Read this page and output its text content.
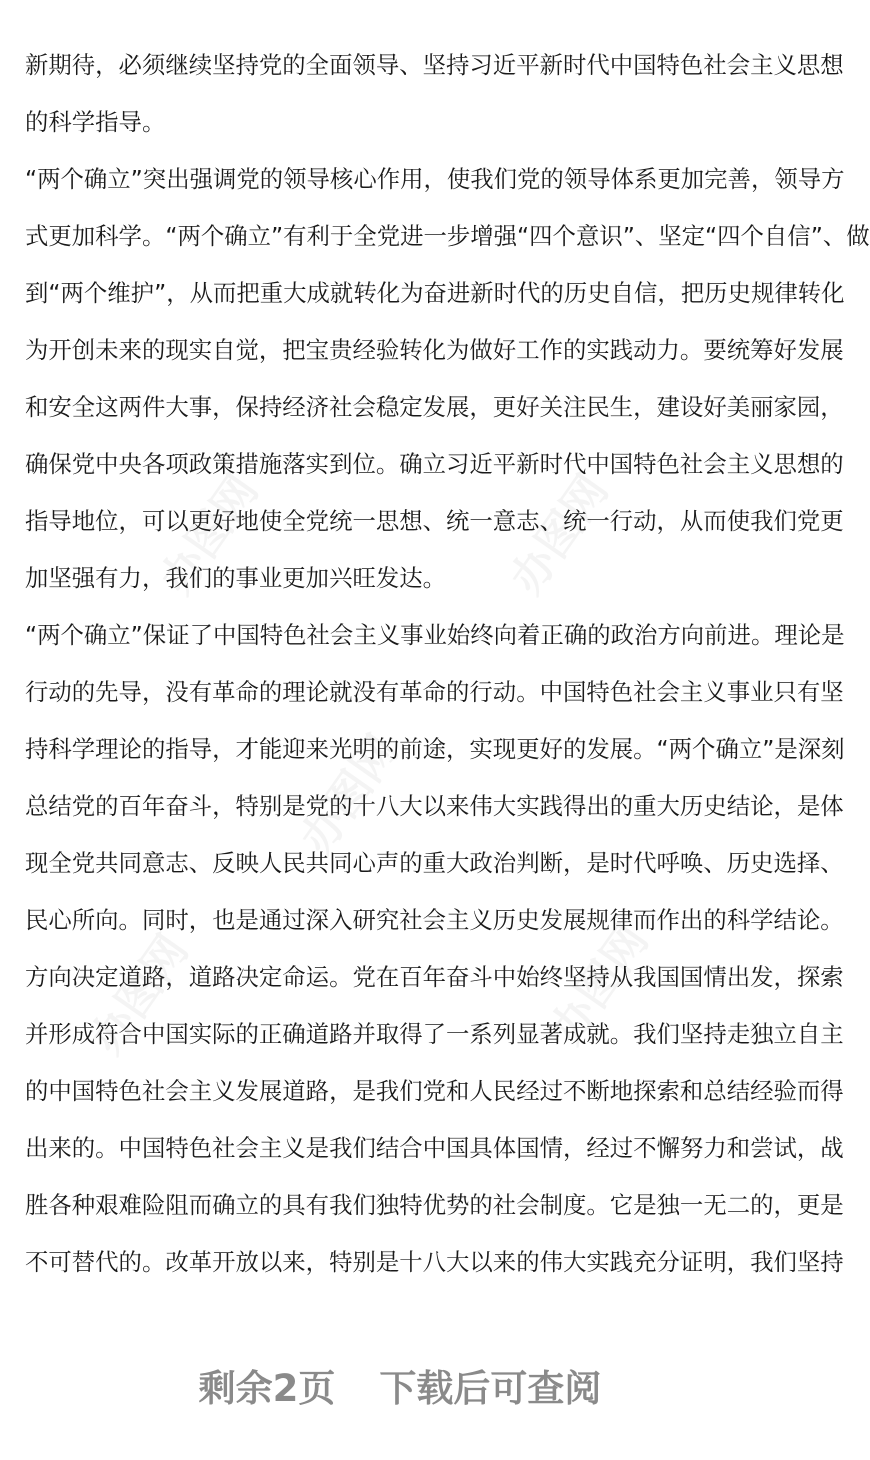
新期待，必须继续坚持党的全面领导、坚持习近平新时代中国特色社会主义思想
的科学指导。
“两个确立”突出强调党的领导核心作用，使我们党的领导体系更加完善，领导方
式更加科学。“两个确立”有利于全党进一步增强“四个意识”、坚定“四个自信”、做
到“两个维护”，从而把重大成就转化为奋进新时代的历史自信，把历史规律转化
为开创未来的现实自觉，把宝贵经验转化为做好工作的实践动力。要统筹好发展
和安全这两件大事，保持经济社会稳定发展，更好关注民生，建设好美丽家园，
确保党中央各项政策措施落实到位。确立习近平新时代中国特色社会主义思想的
指导地位，可以更好地使全党统一思想、统一意志、统一行动，从而使我们党更
加坚强有力，我们的事业更加兴旺发达。
“两个确立”保证了中国特色社会主义事业始终向着正确的政治方向前进。理论是
行动的先导，没有革命的理论就没有革命的行动。中国特色社会主义事业只有坚
持科学理论的指导，才能迎来光明的前途，实现更好的发展。“两个确立”是深刻
总结党的百年奋斗，特别是党的十八大以来伟大实践得出的重大历史结论，是体
现全党共同意志、反映人民共同心声的重大政治判断，是时代呼唤、历史选择、
民心所向。同时，也是通过深入研究社会主义历史发展规律而作出的科学结论。
方向决定道路，道路决定命运。党在百年奋斗中始终坚持从我国国情出发，探索
并形成符合中国实际的正确道路并取得了一系列显著成就。我们坚持走独立自主
的中国特色社会主义发展道路，是我们党和人民经过不断地探索和总结经验而得
出来的。中国特色社会主义是我们结合中国具体国情，经过不懈努力和尝试，战
胜各种艰难险阻而确立的具有我们独特优势的社会制度。它是独一无二的，更是
不可替代的。改革开放以来，特别是十八大以来的伟大实践充分证明，我们坚持
剩余2页 下载后可查阅
